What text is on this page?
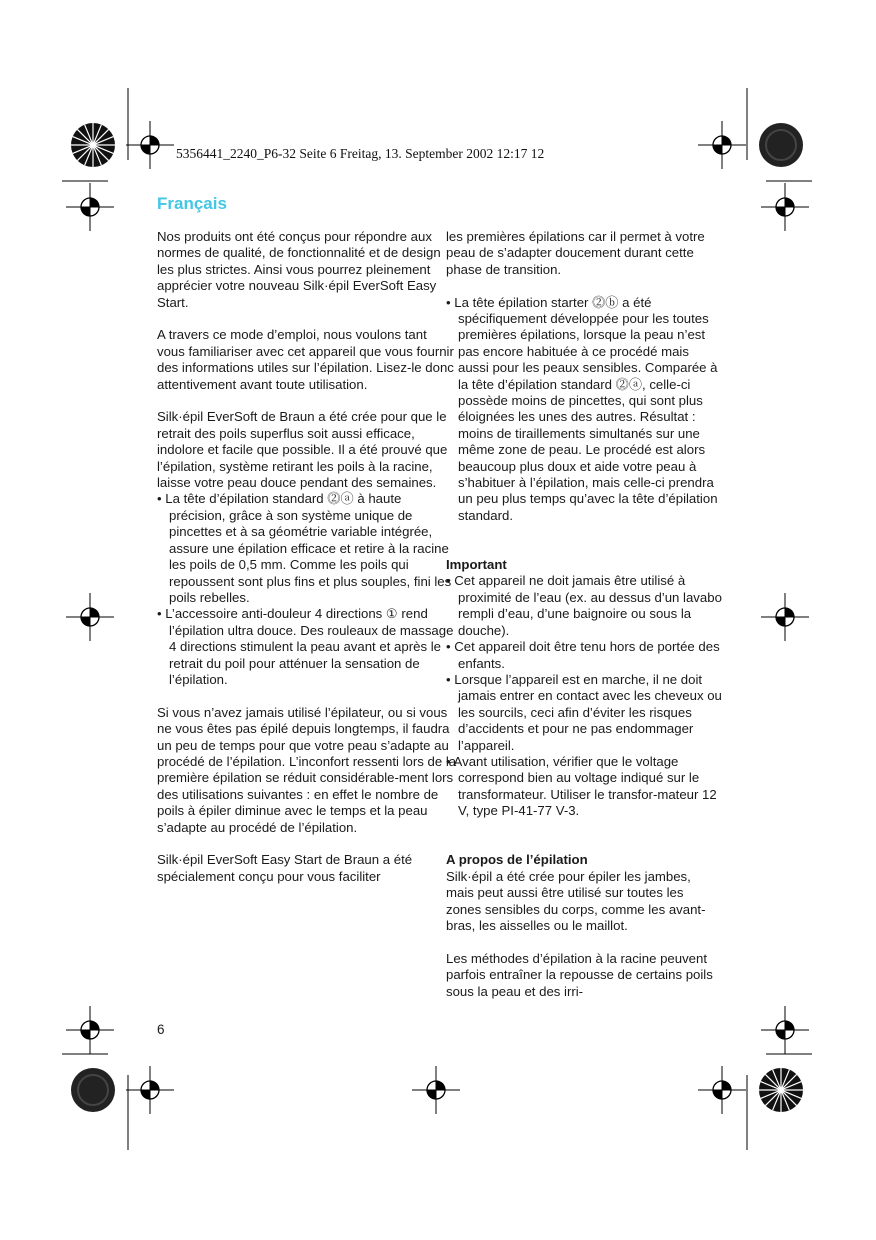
5356441_2240_P6-32 Seite 6 Freitag, 13. September 2002 12:17 12
Français

Nos produits ont été conçus pour répondre aux normes de qualité, de fonctionnalité et de design les plus strictes. Ainsi vous pourrez pleinement apprécier votre nouveau Silk·épil EverSoft Easy Start.

A travers ce mode d’emploi, nous voulons tant vous familiariser avec cet appareil que vous fournir des informations utiles sur l’épilation. Lisez-le donc attentivement avant toute utilisation.

Silk·épil EverSoft de Braun a été crée pour que le retrait des poils superflus soit aussi efficace, indolore et facile que possible. Il a été prouvé que l’épilation, système retirant les poils à la racine, laisse votre peau douce pendant des semaines.

• La tête d’épilation standard ⓶ⓐ à haute précision, grâce à son système unique de pincettes et à sa géométrie variable intégrée, assure une épilation efficace et retire à la racine les poils de 0,5 mm. Comme les poils qui repoussent sont plus fins et plus souples, fini les poils rebelles.

• L’accessoire anti-douleur 4 directions ① rend l’épilation ultra douce. Des rouleaux de massage 4 directions stimulent la peau avant et après le retrait du poil pour atténuer la sensation de l’épilation.

Si vous n’avez jamais utilisé l’épilateur, ou si vous ne vous êtes pas épilé depuis longtemps, il faudra un peu de temps pour que votre peau s’adapte au procédé de l’épilation. L’inconfort ressenti lors de la première épilation se réduit considérable-ment lors des utilisations suivantes : en effet le nombre de poils à épiler diminue avec le temps et la peau s’adapte au procédé de l’épilation.

Silk·épil EverSoft Easy Start de Braun a été spécialement conçu pour vous faciliter

les premières épilations car il permet à votre peau de s’adapter doucement durant cette phase de transition.

• La tête épilation starter ⓶ⓑ a été spécifiquement développée pour les toutes premières épilations, lorsque la peau n’est pas encore habituée à ce procédé mais aussi pour les peaux sensibles. Comparée à la tête d’épilation standard ⓶ⓐ, celle-ci possède moins de pincettes, qui sont plus éloignées les unes des autres. Résultat : moins de tiraillements simultanés sur une même zone de peau. Le procédé est alors beaucoup plus doux et aide votre peau à s’habituer à l’épilation, mais celle-ci prendra un peu plus temps qu’avec la tête d’épilation standard.

Important

• Cet appareil ne doit jamais être utilisé à proximité de l’eau (ex. au dessus d’un lavabo rempli d’eau, d’une baignoire ou sous la douche).

• Cet appareil doit être tenu hors de portée des enfants.

• Lorsque l’appareil est en marche, il ne doit jamais entrer en contact avec les cheveux ou les sourcils, ceci afin d’éviter les risques d’accidents et pour ne pas endommager l’appareil.

• Avant utilisation, vérifier que le voltage correspond bien au voltage indiqué sur le transformateur. Utiliser le transfor-mateur 12 V, type PI-41-77 V-3.

A propos de l’épilation

Silk·épil a été crée pour épiler les jambes, mais peut aussi être utilisé sur toutes les zones sensibles du corps, comme les avant-bras, les aisselles ou le maillot.

Les méthodes d’épilation à la racine peuvent parfois entraîner la repousse de certains poils sous la peau et des irri-

6
